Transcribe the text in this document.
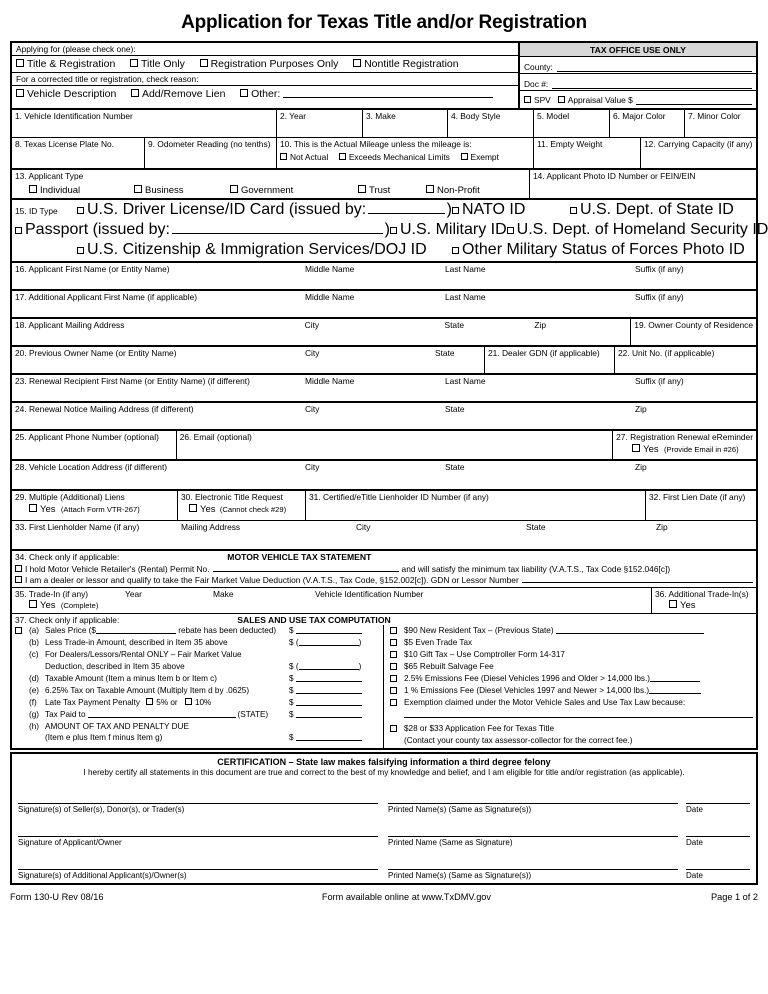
Application for Texas Title and/or Registration
Applying for (please check one):
Title & Registration
Title Only
Registration Purposes Only
Nontitle Registration
For a corrected title or registration, check reason:
Vehicle Description
Add/Remove Lien
Other:

TAX OFFICE USE ONLY
County:
Doc #:
SPV Appraisal Value $
1. Vehicle Identification Number	2. Year	3. Make	4. Body Style	5. Model	6. Major Color	7. Minor Color
8. Texas License Plate No.	9. Odometer Reading (no tenths)	10. This is the Actual Mileage unless the mileage is:
Not Actual
Exceeds Mechanical Limits
Exempt
11. Empty Weight	12. Carrying Capacity (if any)
13. Applicant Type
Individual	Business	Government	Trust	Non-Profit
14. Applicant Photo ID Number or FEIN/EIN
15. ID Type	U.S. Driver License/ID Card (issued by:	) NATO ID	U.S. Dept. of State ID
Passport (issued by:	) U.S. Military ID U.S. Dept. of Homeland Security ID
U.S. Citizenship & Immigration Services/DOJ ID Other Military Status of Forces Photo ID
16. Applicant First Name (or Entity Name)	Middle Name	Last Name	Suffix (if any)
17. Additional Applicant First Name (if applicable)	Middle Name	Last Name	Suffix (if any)
18. Applicant Mailing Address	City	State	Zip	19. Owner County of Residence
20. Previous Owner Name (or Entity Name)	City	State	21. Dealer GDN (if applicable)	22. Unit No. (if applicable)
23. Renewal Recipient First Name (or Entity Name) (if different)	Middle Name	Last Name	Suffix (if any)
24. Renewal Notice Mailing Address (if different)	City	State	Zip
25. Applicant Phone Number (optional)	26. Email (optional)	27. Registration Renewal eReminder
Yes (Provide Email in #26)
28. Vehicle Location Address (if different)	City	State	Zip
29. Multiple (Additional) Liens
Yes (Attach Form VTR-267)
30. Electronic Title Request
Yes (Cannot check #29)
31. Certified/eTitle Lienholder ID Number (if any)	32. First Lien Date (if any)
33. First Lienholder Name (if any)	Mailing Address	City	State	Zip
34. Check only if applicable:	MOTOR VEHICLE TAX STATEMENT
I hold Motor Vehicle Retailer's (Rental) Permit No.	and will satisfy the minimum tax liability (V.A.T.S., Tax Code §152.046[c])
I am a dealer or lessor and qualify to take the Fair Market Value Deduction (V.A.T.S., Tax Code, §152.002[c]). GDN or Lessor Number
35. Trade-In (if any)	Year	Make	Vehicle Identification Number
Yes (Complete)
36. Additional Trade-In(s)
Yes
37. Check only if applicable:	SALES AND USE TAX COMPUTATION
(a) Sales Price ($	rebate has been deducted)	$
(b) Less Trade-in Amount, described in Item 35 above	$ (	)
(c) For Dealers/Lessors/Rental ONLY – Fair Market Value
Deduction, described in Item 35 above	$ (	)
(d) Taxable Amount (Item a minus Item b or Item c)	$
(e) 6.25% Tax on Taxable Amount (Multiply Item d by .0625)	$
(f)	Late Tax Payment Penalty 5% or
10%	$
(g) Tax Paid to	(STATE)	$
(h) AMOUNT OF TAX AND PENALTY DUE
(Item e plus Item f minus Item g)	$
$90 New Resident Tax – (Previous State)
$5 Even Trade Tax
$10 Gift Tax – Use Comptroller Form 14-317
$65 Rebuilt Salvage Fee
2.5% Emissions Fee (Diesel Vehicles 1996 and Older > 14,000 lbs.)
1 % Emissions Fee (Diesel Vehicles 1997 and Newer > 14,000 lbs.)
Exemption claimed under the Motor Vehicle Sales and Use Tax Law because:
$28 or $33 Application Fee for Texas Title
(Contact your county tax assessor-collector for the correct fee.)
CERTIFICATION – State law makes falsifying information a third degree felony
I hereby certify all statements in this document are true and correct to the best of my knowledge and belief, and I am eligible for title and/or registration (as applicable).
Signature(s) of Seller(s), Donor(s), or Trader(s)	Printed Name(s) (Same as Signature(s))	Date
Signature of Applicant/Owner	Printed Name (Same as Signature)	Date
Signature(s) of Additional Applicant(s)/Owner(s)	Printed Name(s) (Same as Signature(s))	Date
Form 130-U Rev 08/16	Form available online at www.TxDMV.gov	Page 1 of 2
